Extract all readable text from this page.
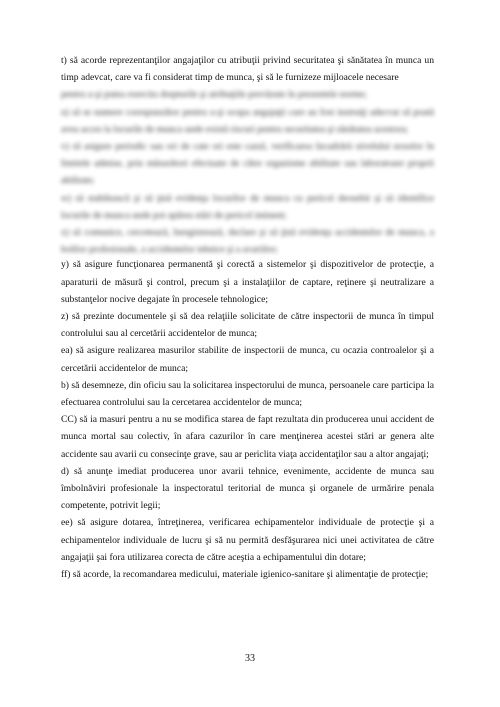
t) să acorde reprezentanţilor angajaţilor cu atribuţii privind securitatea şi sănătatea în munca un timp adevcat, care va fi considerat timp de munca, şi să le furnizeze mijloacele necesare

pentru a-şi putea exercita drepturile şi atribuţiile prevăzute în prezentele norme;

u) să se numere corespunzător pentru a-şi ocupa angajaţii care au fost instruiţi adecvat să poată avea acces la locurile de munca unde există riscuri pentru securitatea şi sănătatea acestora;

v) să asigure periodic sau ori de cate ori este cazul, verificarea încadrării nivelului noxelor în limitele admise, prin măsurători efectuate de către organisme abilitate sau laboratoare proprii abilitate;

w) să stabilească şi să ţină evidenţa locurilor de munca cu pericol deosebit şi să identifice locurile de munca unde pot apărea stări de pericol iminent;

x) să comunice, cercetează, înregistrează, declare şi să ţină evidenţa accidentelor de munca, a bolilor profesionale, a accidentelor tehnice şi a avariilor;

y) să asigure funcţionarea permanentă şi corectă a sistemelor şi dispozitivelor de protecţie, a aparaturii de măsură şi control, precum şi a instalaţiilor de captare, reţinere şi neutralizare a substanţelor nocive degajate în procesele tehnologice;

z) să prezinte documentele şi să dea relaţiile solicitate de către inspectorii de munca în timpul controlului sau al cercetării accidentelor de munca;

ea) să asigure realizarea masurilor stabilite de inspectorii de munca, cu ocazia controalelor şi a cercetării accidentelor de munca;

b) să desemneze, din oficiu sau la solicitarea inspectorului de munca, persoanele care participa la efectuarea controlului sau la cercetarea accidentelor de munca;

CC) să ia masuri pentru a nu se modifica starea de fapt rezultata din producerea unui accident de munca mortal sau colectiv, în afara cazurilor în care menţinerea acestei stări ar genera alte accidente sau avarii cu consecinţe grave, sau ar periclita viaţa accidentaţilor sau a altor angajaţi;

d) să anunţe imediat producerea unor avarii tehnice, evenimente, accidente de munca sau îmbolnăviri profesionale la inspectoratul teritorial de munca şi organele de urmărire penala competente, potrivit legii;

ee) să asigure dotarea, întreţinerea, verificarea echipamentelor individuale de protecţie şi a echipamentelor individuale de lucru şi să nu permită desfăşurarea nici unei activitatea de către angajaţii şai fora utilizarea corecta de către aceştia a echipamentului din dotare;

ff) să acorde, la recomandarea medicului, materiale igienico-sanitare şi alimentaţie de protecţie;

33
